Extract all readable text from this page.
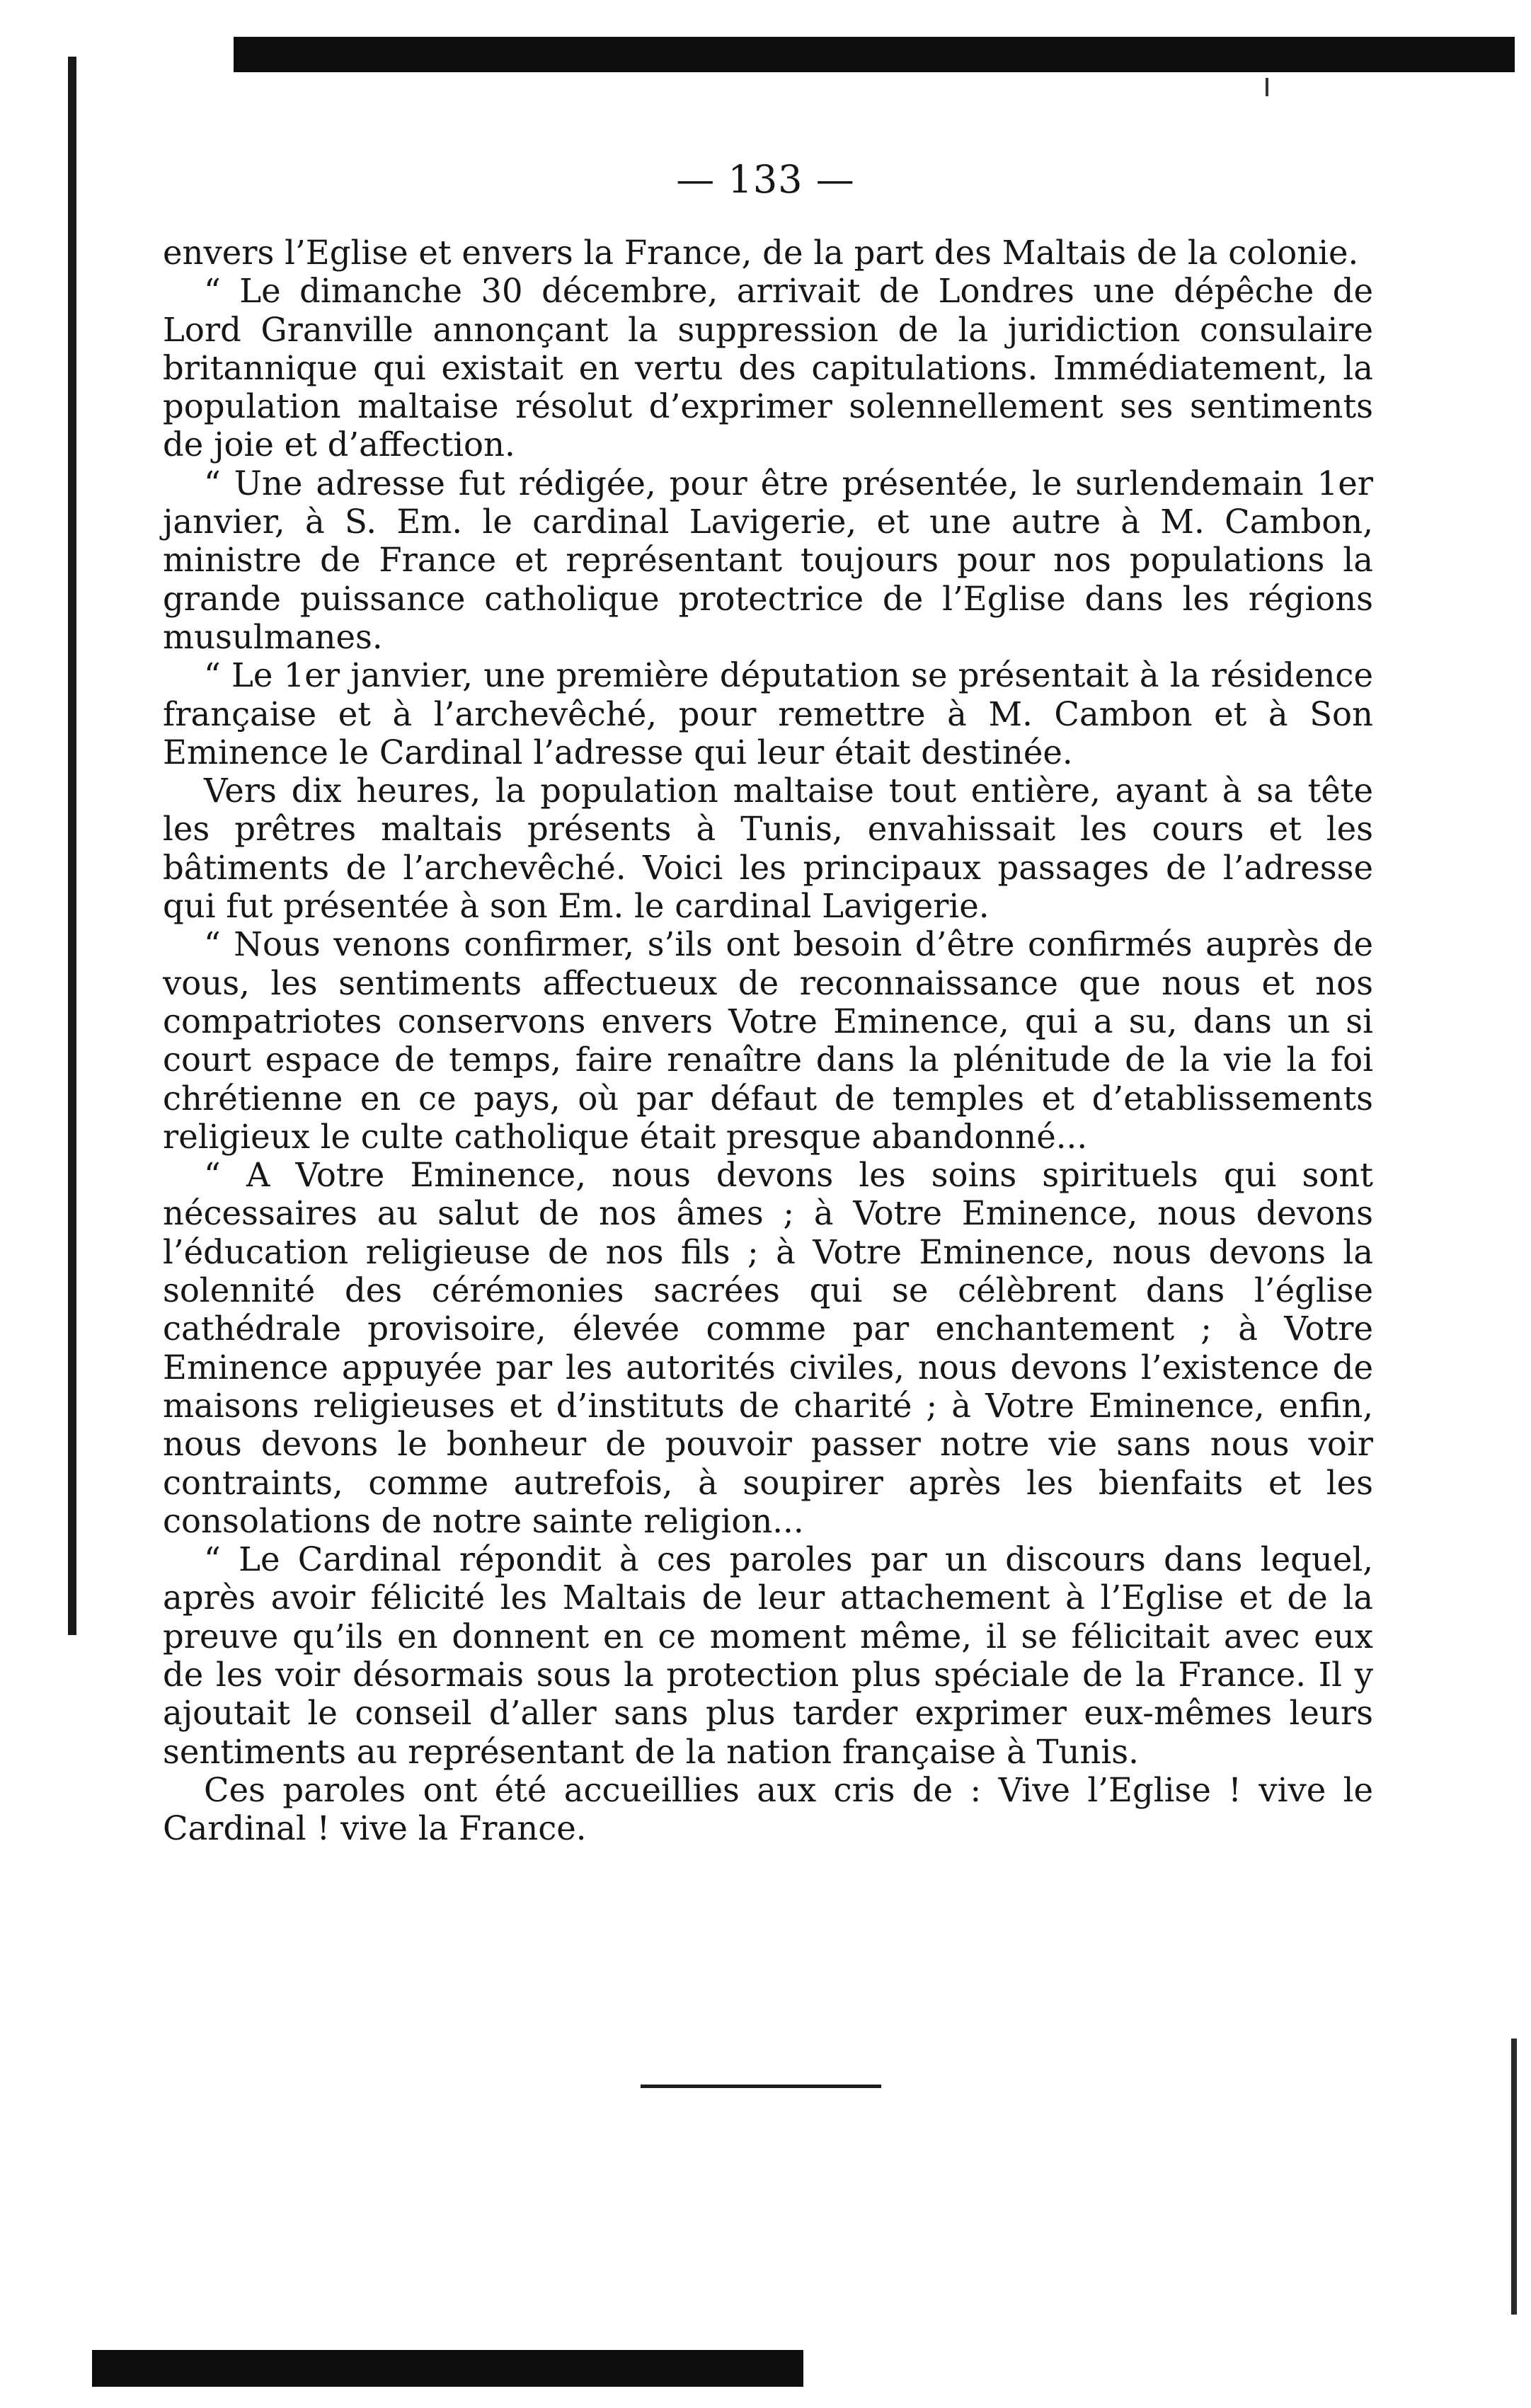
— 133 —

envers l’Eglise et envers la France, de la part des Maltais de la colonie.

“ Le dimanche 30 décembre, arrivait de Londres une dépêche de Lord Granville annonçant la suppression de la juridiction consulaire britannique qui existait en vertu des capitulations. Immédiatement, la population maltaise résolut d’exprimer solennellement ses sentiments de joie et d’affection.

“ Une adresse fut rédigée, pour être présentée, le surlendemain 1er janvier, à S. Em. le cardinal Lavigerie, et une autre à M. Cambon, ministre de France et représentant toujours pour nos populations la grande puissance catholique protectrice de l’Eglise dans les régions musulmanes.

“ Le 1er janvier, une première députation se présentait à la résidence française et à l’archevêché, pour remettre à M. Cambon et à Son Eminence le Cardinal l’adresse qui leur était destinée.

Vers dix heures, la population maltaise tout entière, ayant à sa tête les prêtres maltais présents à Tunis, envahissait les cours et les bâtiments de l’archevêché. Voici les principaux passages de l’adresse qui fut présentée à son Em. le cardinal Lavigerie.

“ Nous venons confirmer, s’ils ont besoin d’être confirmés auprès de vous, les sentiments affectueux de reconnaissance que nous et nos compatriotes conservons envers Votre Eminence, qui a su, dans un si court espace de temps, faire renaître dans la plénitude de la vie la foi chrétienne en ce pays, où par défaut de temples et d’etablissements religieux le culte catholique était presque abandonné...

“ A Votre Eminence, nous devons les soins spirituels qui sont nécessaires au salut de nos âmes ; à Votre Eminence, nous devons l’éducation religieuse de nos fils ; à Votre Eminence, nous devons la solennité des cérémonies sacrées qui se célèbrent dans l’église cathédrale provisoire, élevée comme par enchantement ; à Votre Eminence appuyée par les autorités civiles, nous devons l’existence de maisons religieuses et d’instituts de charité ; à Votre Eminence, enfin, nous devons le bonheur de pouvoir passer notre vie sans nous voir contraints, comme autrefois, à soupirer après les bienfaits et les consolations de notre sainte religion...

“ Le Cardinal répondit à ces paroles par un discours dans lequel, après avoir félicité les Maltais de leur attachement à l’Eglise et de la preuve qu’ils en donnent en ce moment même, il se félicitait avec eux de les voir désormais sous la protection plus spéciale de la France. Il y ajoutait le conseil d’aller sans plus tarder exprimer eux-mêmes leurs sentiments au représentant de la nation française à Tunis.

Ces paroles ont été accueillies aux cris de : Vive l’Eglise ! vive le Cardinal ! vive la France.
